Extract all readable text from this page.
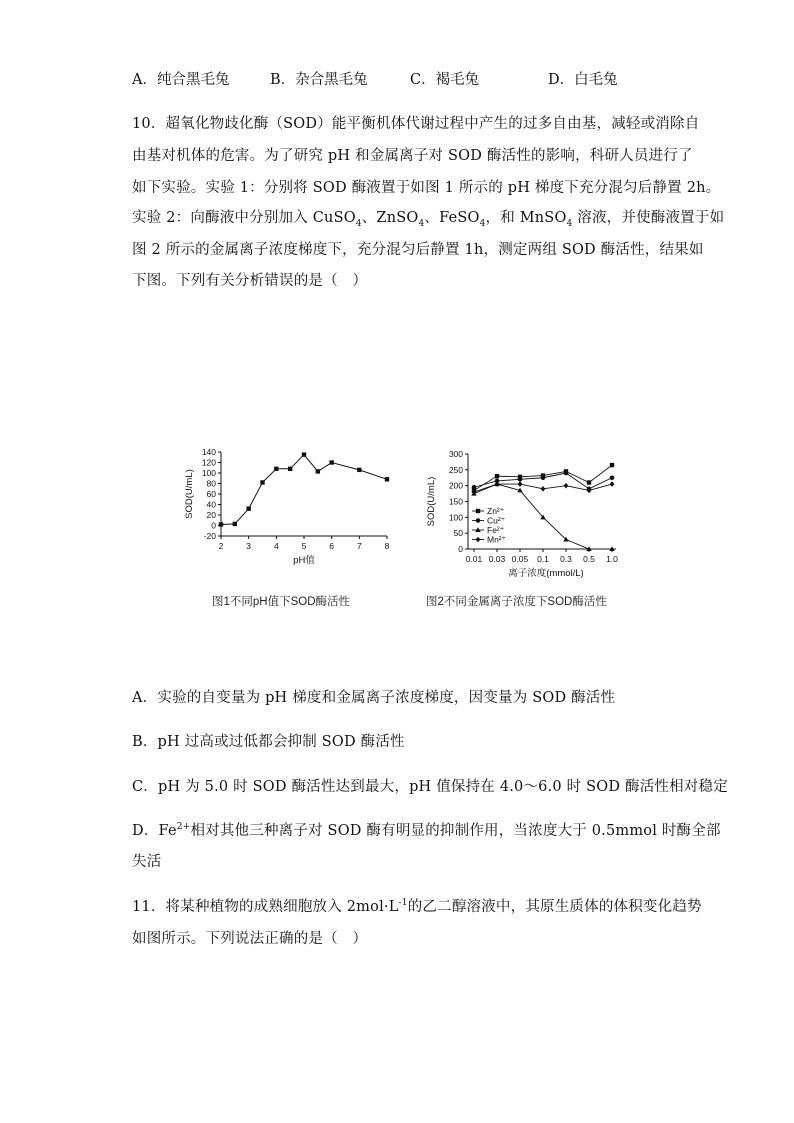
A．纯合黑毛兔	B．杂合黑毛兔	C．褐毛兔	D．白毛兔
10．超氧化物歧化酶（SOD）能平衡机体代谢过程中产生的过多自由基，减轻或消除自
由基对机体的危害。为了研究 pH 和金属离子对 SOD 酶活性的影响，科研人员进行了
如下实验。实验 1：分别将 SOD 酶液置于如图 1 所示的 pH 梯度下充分混匀后静置 2h。
实验 2：向酶液中分别加入 CuSO$_4$、ZnSO$_4$、FeSO$_4$，和 MnSO$_4$ 溶液，并使酶液置于如
图 2 所示的金属离子浓度梯度下，充分混匀后静置 1h，测定两组 SOD 酶活性，结果如
下图。下列有关分析错误的是（　）
-20
0
20
40
60
80
100
120
140
2	3	4	5	6	7	8
pH值
SOD(U/mL)
图1不同pH值下SOD酶活性
0
50
100
150
200
250
300
0.01 0.03 0.05 0.1 0.3 0.5 1.0
离子浓度(mmol/L)
SOD(U/mL)	Zn²⁺
Cu²⁺
Fe²⁺
Mn²⁺
图2不同金属离子浓度下SOD酶活性
A．实验的自变量为 pH 梯度和金属离子浓度梯度，因变量为 SOD 酶活性
B．pH 过高或过低都会抑制 SOD 酶活性
C．pH 为 5.0 时 SOD 酶活性达到最大，pH 值保持在 4.0～6.0 时 SOD 酶活性相对稳定
D．$Fe^{2+}$相对其他三种离子对 SOD 酶有明显的抑制作用，当浓度大于 0.5mmol 时酶全部
失活
11．将某种植物的成熟细胞放入 $2mol\cdot L^{-1}$的乙二醇溶液中，其原生质体的体积变化趋势
如图所示。下列说法正确的是（　）
